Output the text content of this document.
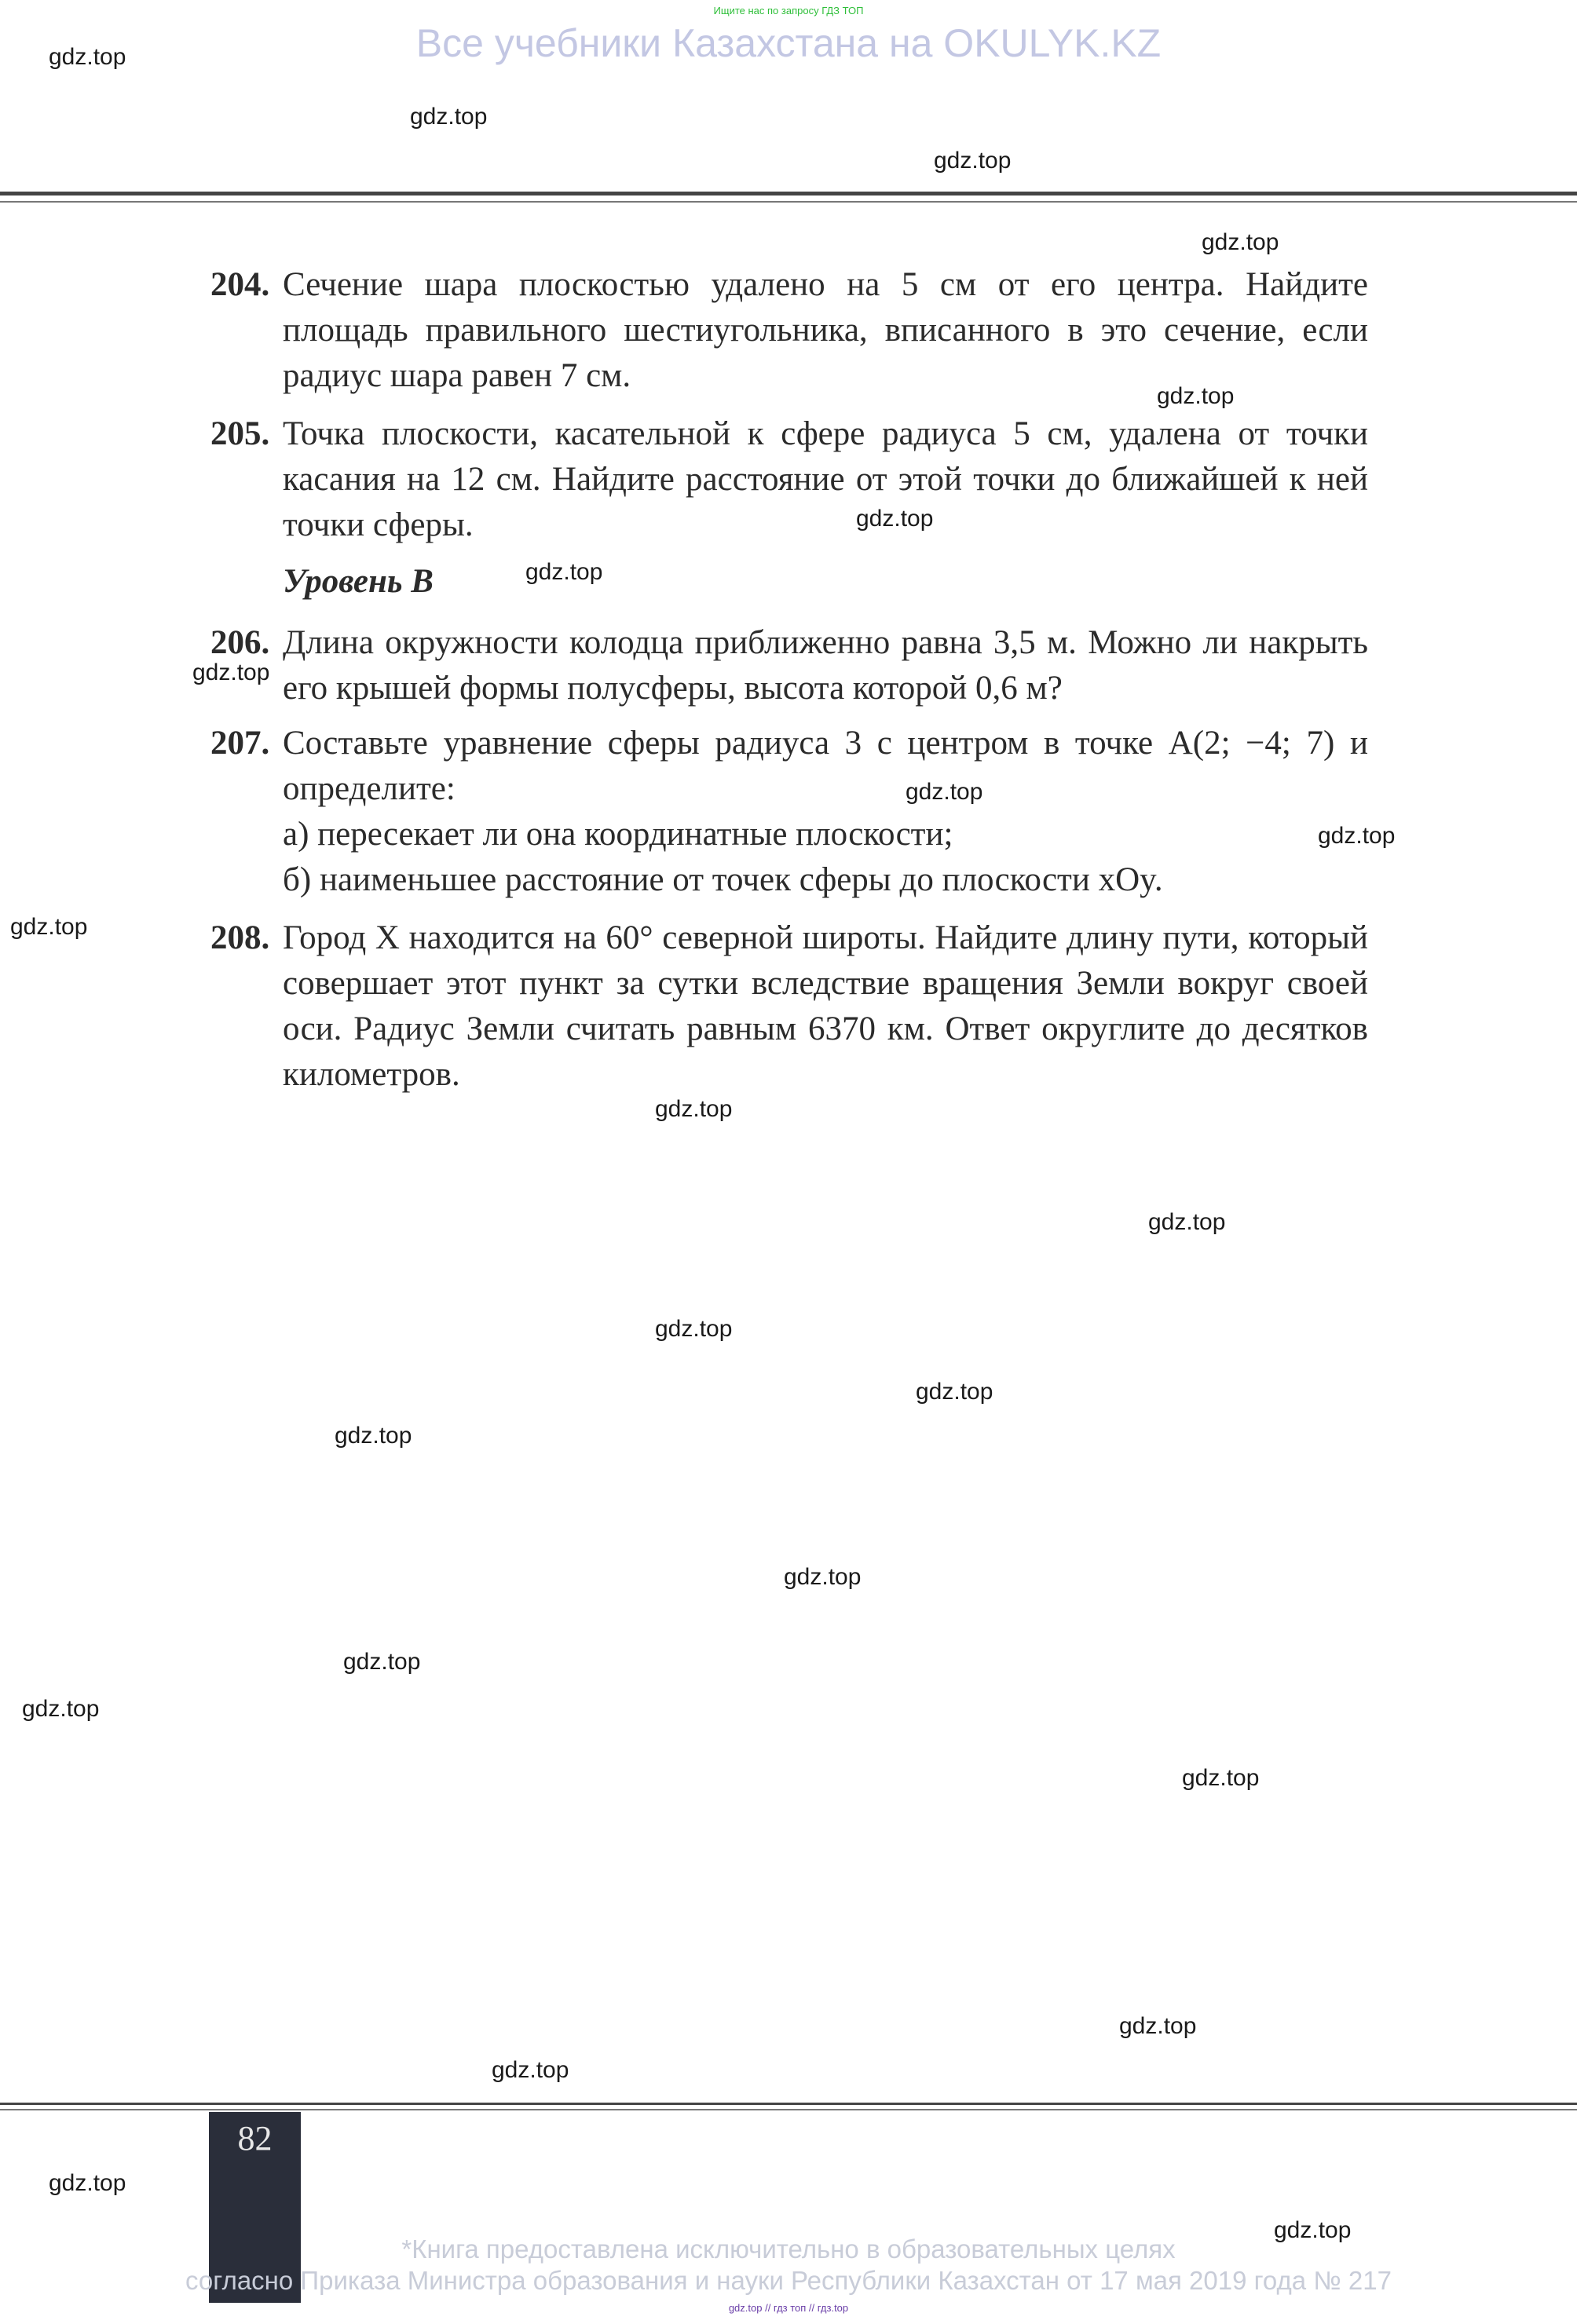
Ищите нас по запросу ГДЗ ТОП
Все учебники Казахстана на OKULYK.KZ
204. Сечение шара плоскостью удалено на 5 см от его центра. Найдите площадь правильного шестиугольника, вписанного в это сечение, если радиус шара равен 7 см.

205. Точка плоскости, касательной к сфере радиуса 5 см, удалена от точки касания на 12 см. Найдите расстояние от этой точки до ближайшей к ней точки сферы.

Уровень B
206. Длина окружности колодца приближенно равна 3,5 м. Можно ли накрыть его крышей формы полусферы, высота которой 0,6 м?

207. Составьте уравнение сферы радиуса 3 с центром в точке A(2; −4; 7) и определите:

а) пересекает ли она координатные плоскости;

б) наименьшее расстояние от точек сферы до плоскости xOy.

208. Город X находится на 60° северной широты. Найдите длину пути, который совершает этот пункт за сутки вследствие вращения Земли вокруг своей оси. Радиус Земли считать равным 6370 км. Ответ округлите до десятков километров.

82
*Книга предоставлена исключительно в образовательных целях
согласно Приказа Министра образования и науки Республики Казахстан от 17 мая 2019 года № 217
gdz.top // гдз топ // гдз.top
gdz.top
gdz.top
gdz.top
gdz.top
gdz.top
gdz.top
gdz.top
gdz.top
gdz.top
gdz.top
gdz.top
gdz.top
gdz.top
gdz.top
gdz.top
gdz.top
gdz.top
gdz.top
gdz.top
gdz.top
gdz.top
gdz.top
gdz.top
gdz.top
